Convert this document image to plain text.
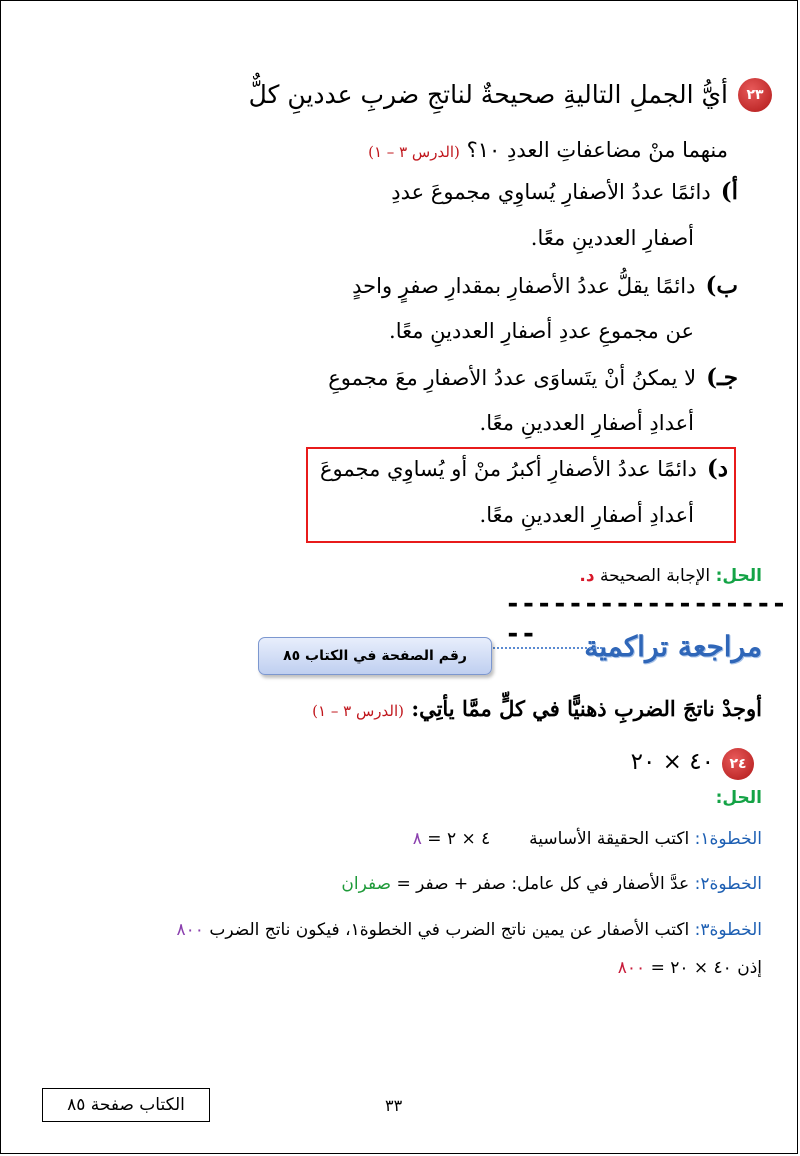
٢٣
أيُّ الجملِ التاليةِ صحيحةٌ لناتجِ ضربِ عددينِ كلٌّ
منهما منْ مضاعفاتِ العددِ ١٠؟ (الدرس ٣ – ١)
أ)دائمًا عددُ الأصفارِ يُساوِي مجموعَ عددِ
أصفارِ العددينِ معًا.
ب)دائمًا يقلُّ عددُ الأصفارِ بمقدارِ صفرٍ واحدٍ
عن مجموعِ عددِ أصفارِ العددينِ معًا.
جـ)لا يمكنُ أنْ يتَساوَى عددُ الأصفارِ معَ مجموعِ
أعدادِ أصفارِ العددينِ معًا.
د)دائمًا عددُ الأصفارِ أكبرُ منْ أو يُساوِي مجموعَ
أعدادِ أصفارِ العددينِ معًا.
الحل: الإجابة الصحيحة د.
--------------------	مراجعة تراكمية
رقم الصفحة في الكتاب ٨٥
أوجدْ ناتجَ الضربِ ذهنيًّا في كلٍّ ممَّا يأتِي: (الدرس ٣ – ١)
٢٤
٤٠ × ٢٠
الحل:
الخطوة١: اكتب الحقيقة الأساسية  ٤ × ٢ = ٨
الخطوة٢: عدَّ الأصفار في كل عامل: صفر + صفر = صفران
الخطوة٣: اكتب الأصفار عن يمين ناتج الضرب في الخطوة١، فيكون ناتج الضرب ٨٠٠
إذن ٤٠ × ٢٠ = ٨٠٠
الكتاب صفحة ٨٥	٣٣
